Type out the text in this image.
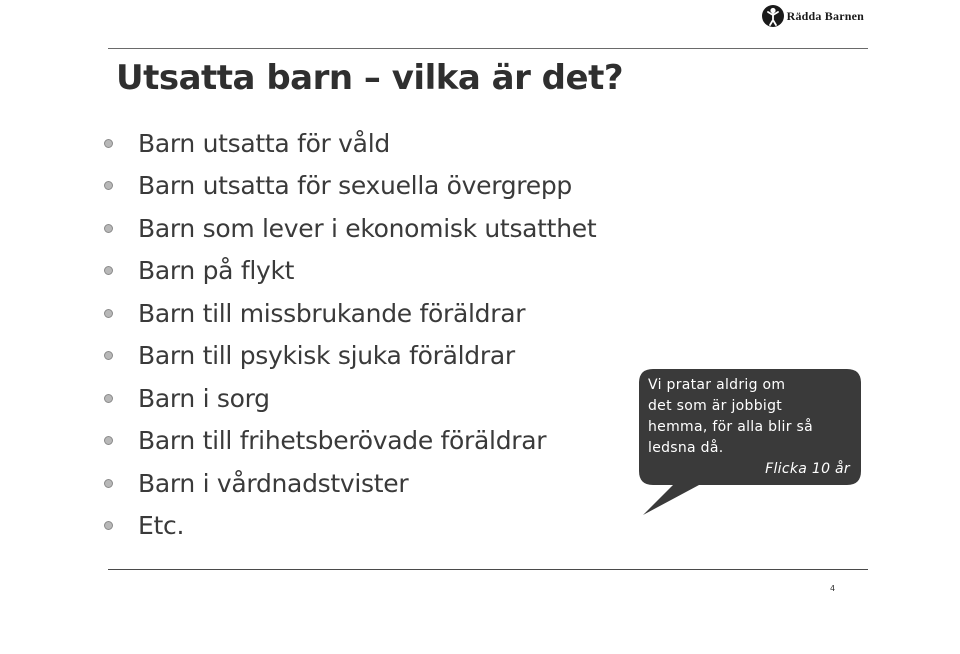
Rädda Barnen
Utsatta barn – vilka är det?
Barn utsatta för våld
Barn utsatta för sexuella övergrepp
Barn som lever i ekonomisk utsatthet
Barn på flykt
Barn till missbrukande föräldrar
Barn till psykisk sjuka föräldrar
Barn i sorg
Barn till frihetsberövade föräldrar
Barn i vårdnadstvister
Etc.
Vi pratar aldrig om
det som är jobbigt
hemma, för alla blir så
ledsna då.
Flicka 10 år
4
